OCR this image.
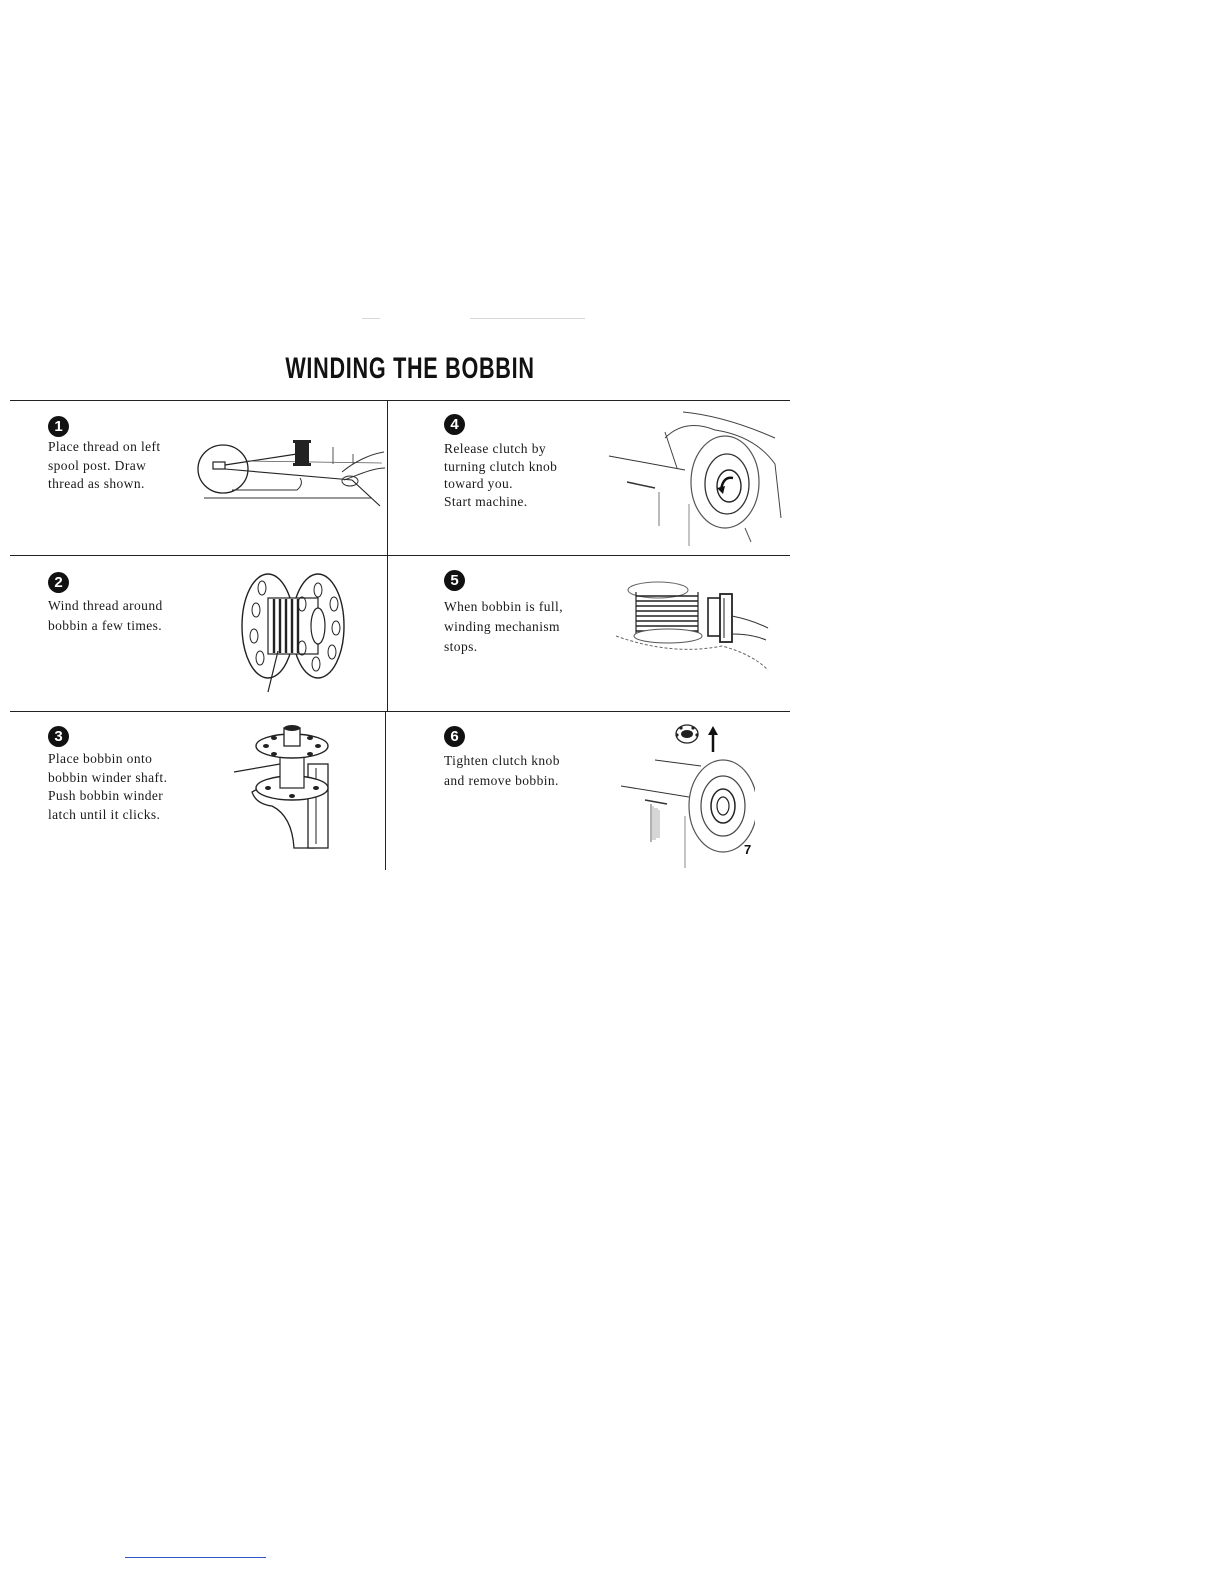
WINDING THE BOBBIN
1
Place thread on left
spool post. Draw
thread as shown.
2
Wind thread around
bobbin a few times.
3
Place bobbin onto
bobbin winder shaft.
Push bobbin winder
latch until it clicks.
4
Release clutch by
turning clutch knob
toward you.
Start machine.
5
When bobbin is full,
winding mechanism
stops.
6
Tighten clutch knob
and remove bobbin.
7
